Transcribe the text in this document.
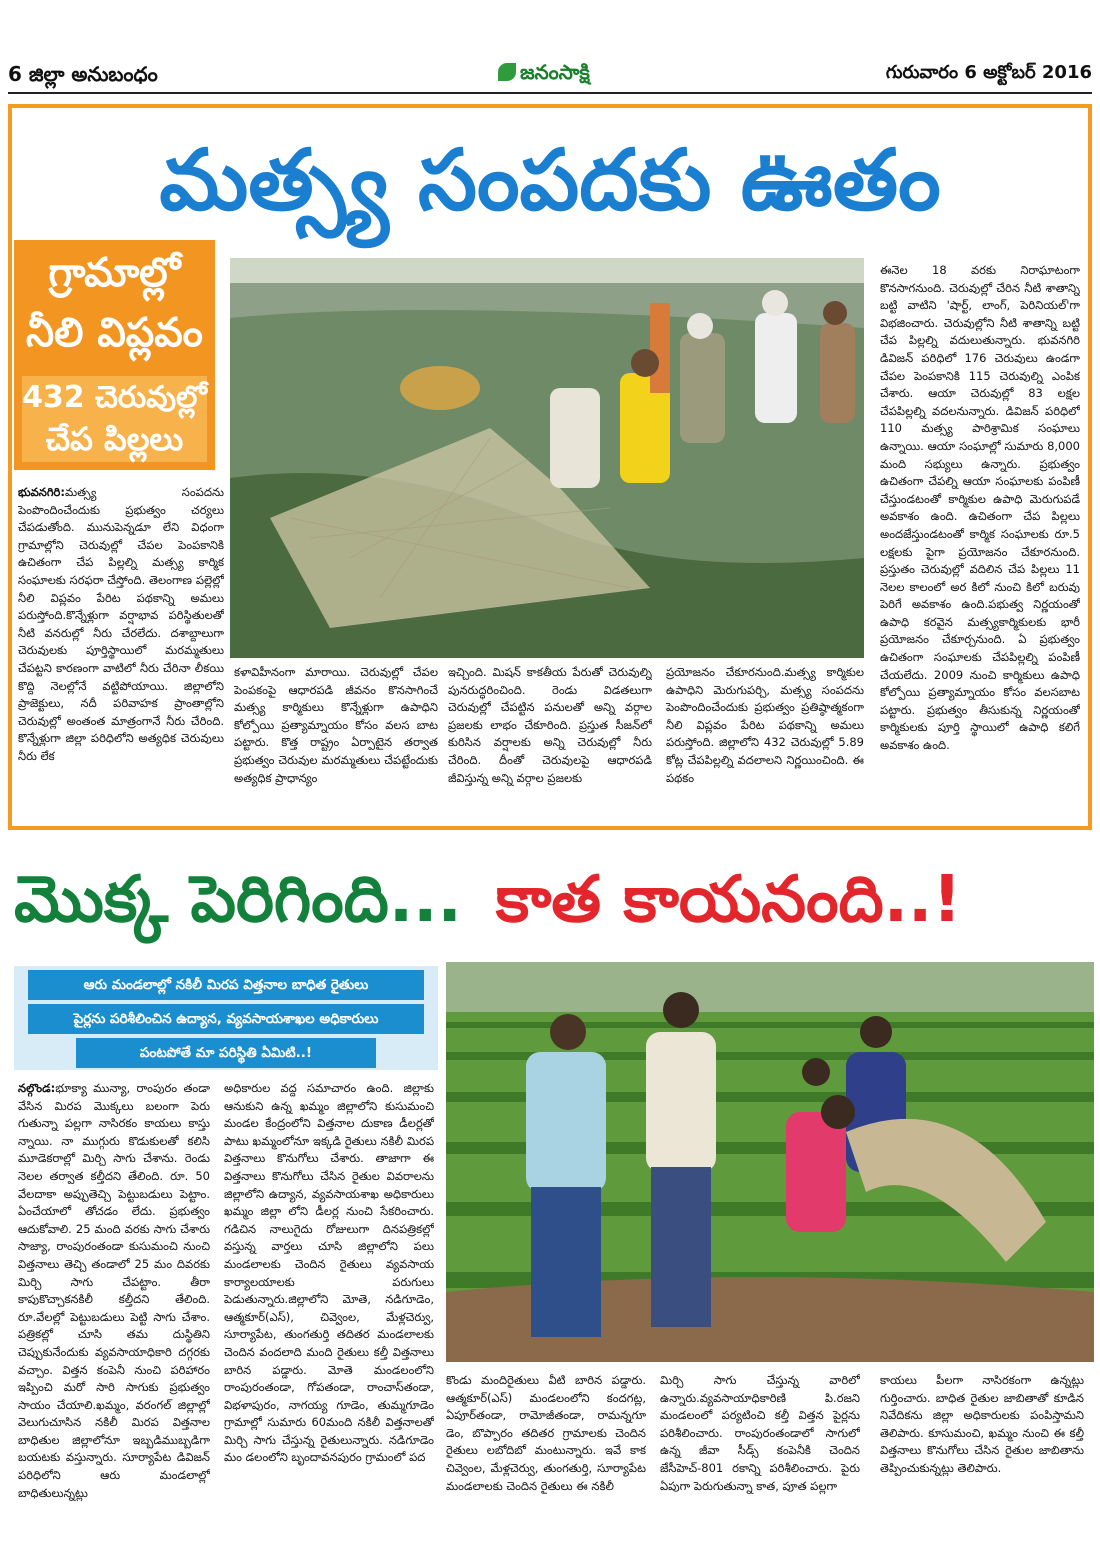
6 జిల్లా అనుబంధం	జనంసాక్షి	గురువారం 6 అక్టోబర్ 2016
మత్స్య సంపదకు ఊతం
గ్రామాల్లో
నీలి విప్లవం
432 చెరువుల్లో
చేప పిల్లలు
భువనగిరి:మత్స్య సంపదను పెంపొందించేందుకు ప్రభుత్వం చర్యలు చేపడుతోంది. మునుపెన్నడూ లేని విధంగా గ్రామాల్లోని చెరువుల్లో చేపల పెంపకానికి ఉచితంగా చేప పిల్లల్ని మత్స్య కార్మిక సంఘాలకు సరఫరా చేస్తోంది. తెలంగాణ పల్లెల్లో నీలి విప్లవం పేరిట పథకాన్ని అమలు పరుస్తోంది.కొన్నేళ్లుగా వర్షాభావ పరిస్థితులతో నీటి వనరుల్లో నీరు చేరలేదు. దశాబ్దాలుగా చెరువులకు పూర్తిస్థాయిలో మరమ్మతులు చేపట్టని కారణంగా వాటిలో నీరు చేరినా లీకయి కొద్ది నెలల్లోనే వట్టిపోయాయి. జిల్లాలోని ప్రాజెక్టులు, నదీ పరివాహక ప్రాంతాల్లోని చెరువుల్లో అంతంత మాత్రంగానే నీరు చేరింది. కొన్నేళ్లుగా జిల్లా పరిధిలోని అత్యధిక చెరువులు నీరు లేక
కళావిహీనంగా మారాయి. చెరువుల్లో చేపల పెంపకంపై ఆధారపడి జీవనం కొనసాగించే మత్స్య కార్మికులు కొన్నేళ్లుగా ఉపాధిని కోల్పోయి ప్రత్యామ్నాయం కోసం వలస బాట పట్టారు. కొత్త రాష్ట్రం ఏర్పాటైన తర్వాత ప్రభుత్వం చెరువుల మరమ్మతులు చేపట్టేందుకు అత్యధిక ప్రాధాన్యం
ఇచ్చింది. మిషన్ కాకతీయ పేరుతో చెరువుల్ని పునరుద్ధరించింది. రెండు విడతలుగా చెరువుల్లో చేపట్టిన పనులతో అన్ని వర్గాల ప్రజలకు లాభం చేకూరింది. ప్రస్తుత సీజన్‌లో కురిసిన వర్షాలకు అన్ని చెరువుల్లో నీరు చేరింది. దీంతో చెరువులపై ఆధారపడి జీవిస్తున్న అన్ని వర్గాల ప్రజలకు
ప్రయోజనం చేకూరనుంది.మత్స్య కార్మికుల ఉపాధిని మెరుగుపర్చి, మత్స్య సంపదను పెంపొందించేందుకు ప్రభుత్వం ప్రతిష్ఠాత్మకంగా నీలి విప్లవం పేరిట పథకాన్ని అమలు పరుస్తోంది. జిల్లాలోని 432 చెరువుల్లో 5.89 కోట్ల చేపపిల్లల్ని వదలాలని నిర్ణయించింది. ఈ పథకం
ఈనెల 18 వరకు నిరాఘాటంగా కొనసాగనుంది. చెరువుల్లో చేరిన నీటి శాతాన్ని బట్టి వాటిని 'షార్ట్, లాంగ్, పెరినియల్'గా విభజించారు. చెరువుల్లోని నీటి శాతాన్ని బట్టి చేప పిల్లల్ని వదులుతున్నారు. భువనగిరి డివిజన్ పరిధిలో 176 చెరువులు ఉండగా చేపల పెంపకానికి 115 చెరువుల్ని ఎంపిక చేశారు. ఆయా చెరువుల్లో 83 లక్షల చేపపిల్లల్ని వదలనున్నారు. డివిజన్ పరిధిలో 110 మత్స్య పారిశ్రామిక సంఘాలు ఉన్నాయి. ఆయా సంఘాల్లో సుమారు 8,000 మంది సభ్యులు ఉన్నారు. ప్రభుత్వం ఉచితంగా చేపల్ని ఆయా సంఘాలకు పంపిణీ చేస్తుండటంతో కార్మికుల ఉపాధి మెరుగుపడే అవకాశం ఉంది. ఉచితంగా చేప పిల్లలు అందజేస్తుండటంతో కార్మిక సంఘాలకు రూ.5 లక్షలకు పైగా ప్రయోజనం చేకూరనుంది. ప్రస్తుతం చెరువుల్లో వదిలిన చేప పిల్లలు 11 నెలల కాలంలో అర కిలో నుంచి కిలో బరువు పెరిగే అవకాశం ఉంది.పభుత్వ నిర్ణయంతో ఉపాధి కరవైన మత్స్యకార్మికులకు భారీ ప్రయోజనం చేకూర్చనుంది. ఏ ప్రభుత్వం ఉచితంగా సంఘాలకు చేపపిల్లల్ని పంపిణీ చేయలేదు. 2009 నుంచి కార్మికులు ఉపాధి కోల్పోయి ప్రత్యామ్నాయం కోసం వలసబాట పట్టారు. ప్రభుత్వం తీసుకున్న నిర్ణయంతో కార్మికులకు పూర్తి స్థాయిలో ఉపాధి కలిగే అవకాశం ఉంది.
మొక్క పెరిగింది... కాత కాయనంది..!
ఆరు మండలాల్లో నకిలీ మిరప విత్తనాల బాధిత రైతులు
పైర్లను పరిశీలించిన ఉద్యాన, వ్యవసాయశాఖల అధికారులు
పంటపోతే మా పరిస్థితి ఏమిటి..!
నల్గొండ:భూక్యా మున్యా, రాంపురం తండా వేసిన మిరప మొక్కలు బలంగా పెరు గుతున్నా పల్లగా నాసిరకం కాయలు కాస్తు న్నాయి. నా ముగ్గురు కొడుకులతో కలిసి మూడెకరాల్లో మిర్చి సాగు చేశాను. రెండు నెలల తర్వాత కల్తీదని తేలింది. రూ. 50 వేలదాకా అప్పుతెచ్చి పెట్టుబడులు పెట్టాం. ఏంచేయాలో తోచడం లేదు. ప్రభుత్వం ఆదుకోవాలి. 25 మంది వరకు సాగు చేశారు సాజ్యా, రాంపురంతండా కుసుమంచి నుంచి విత్తనాలు తెచ్చి తండాలో 25 మం దివరకు మిర్చి సాగు చేపట్టాం. తీరా కాపుకొచ్చాకనకిలీ కల్తీదని తేలింది. రూ.వేలల్లో పెట్టుబడులు పెట్టి సాగు చేశాం. పత్రికల్లో చూసి తమ దుస్థితిని చెప్పుకునేందుకు వ్యవసాయాధికారి దగ్గరకు వచ్చాం. విత్తన కంపెనీ నుంచి పరిహారం ఇప్పించి మరో సారి సాగుకు ప్రభుత్వం సాయం చేయాలి.ఖమ్మం, వరంగల్ జిల్లాల్లో వెలుగుచూసిన నకిలీ మిరప విత్తనాల బాధితుల జిల్లాలోనూ ఇబ్బడిముబ్బడిగా బయటకు వస్తున్నారు. సూర్యాపేట డివిజన్ పరిధిలోని ఆరు మండలాల్లో బాధితులున్నట్లు
అధికారుల వద్ద సమాచారం ఉంది. జిల్లాకు ఆనుకుని ఉన్న ఖమ్మం జిల్లాలోని కుసుమంచి మండల కేంద్రంలోని విత్తనాల దుకాణ డీలర్లతో పాటు ఖమ్మంలోనూ ఇక్కడి రైతులు నకిలీ మిరప విత్తనాలు కొనుగోలు చేశారు. తాజాగా ఈ విత్తనాలు కొనుగోలు చేసిన రైతుల వివరాలను జిల్లాలోని ఉద్యాన, వ్యవసాయశాఖ అధికారులు ఖమ్మం జిల్లా లోని డీలర్ల నుంచి సేకరించారు. గడిచిన నాలుగైదు రోజులుగా దినపత్రికల్లో వస్తున్న వార్తలు చూసి జిల్లాలోని పలు మండలాలకు చెందిన రైతులు వ్యవసాయ కార్యాలయాలకు పరుగులు పెడుతున్నారు.జిల్లాలోని మోతె, నడిగూడెం, ఆత్మకూర్(ఎస్), చివ్వెంల, మేళ్లచెర్వు, సూర్యాపేట, తుంగతుర్తి తదితర మండలాలకు చెందిన వందలాది మంది రైతులు కల్తీ విత్తనాలు బారిన పడ్డారు. మోతె మండలంలోని రాంపురంతండా, గోపతండా, రాంచాస్‌తండా, విభళాపురం, నాగయ్య గూడెం, తుమ్మగూడెం గ్రామాల్లో సుమారు 60మంది నకిలీ విత్తనాలతో మిర్చి సాగు చేస్తున్న రైతులున్నారు. నడిగూడెం మం డలంలోని బృందావనపురం గ్రామంలో పద
కొండు మందిరైతులు వీటి బారిన పడ్డారు. ఆత్మకూర్(ఎస్) మండలంలోని కందగట్ల, ఏపూర్‌తండా, రామోజీతండా, రామన్నగూ డెం, బొప్పారం తదితర గ్రామాలకు చెందిన రైతులు లబోదిబో మంటున్నారు. ఇవే కాక చివ్వెంల, మేళ్లచెర్వు, తుంగతుర్తి, సూర్యాపేట మండలాలకు చెందిన రైతులు ఈ నకిలీ
మిర్చి సాగు చేస్తున్న వారిలో ఉన్నారు.వ్యవసాయాధికారిణి పి.రజని మండలంలో పర్యటించి కల్తీ విత్తన పైర్లను పరిశీలించారు. రాంపురంతండాలో సాగులో ఉన్న జీవా సీడ్స్ కంపెనీకి చెందిన జేసీహెచ్-801 రకాన్ని పరిశీలించారు. పైరు ఏపుగా పెరుగుతున్నా కాత, పూత పల్లగా
కాయలు పీలగా నాసిరకంగా ఉన్నట్లు గుర్తించారు. బాధిత రైతుల జాబితాతో కూడిన నివేదికను జిల్లా అధికారులకు పంపిస్తామని తెలిపారు. కూసుమంచి, ఖమ్మం నుంచి ఈ కల్తీ విత్తనాలు కొనుగోలు చేసిన రైతుల జాబితాను తెప్పించుకున్నట్లు తెలిపారు.
